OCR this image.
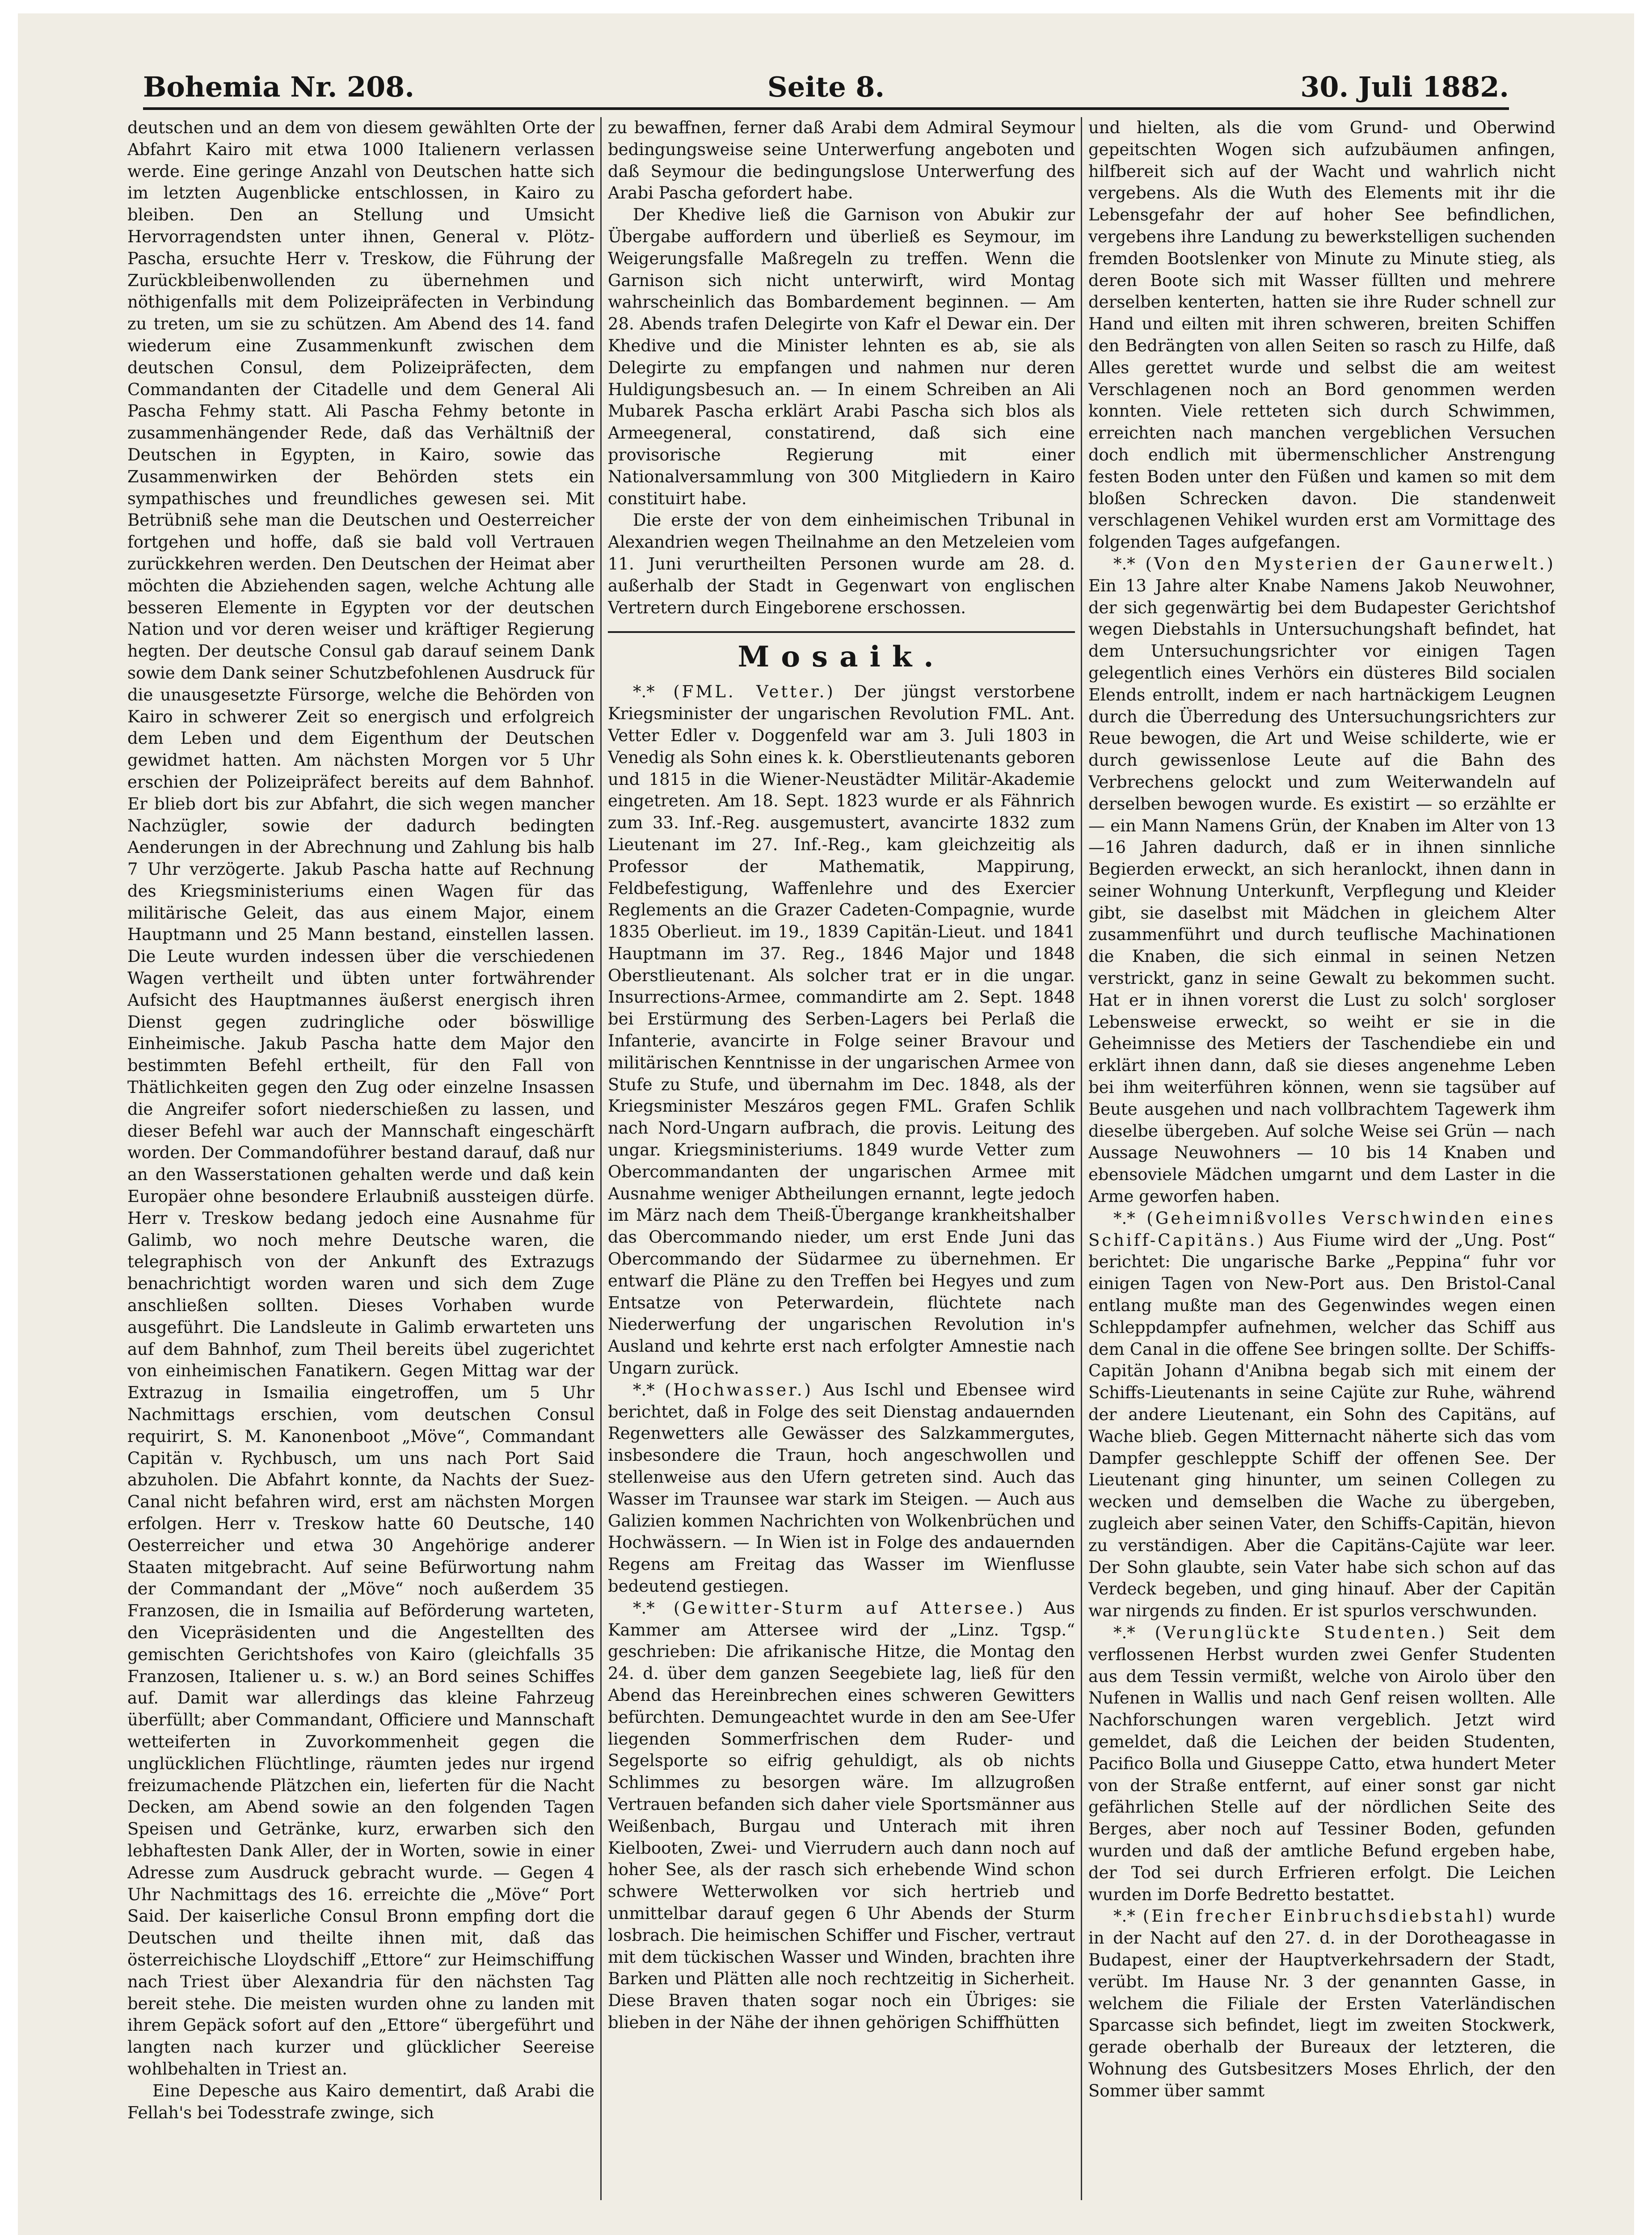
Bohemia Nr. 208.	Seite 8.	30. Juli 1882.

deutschen und an dem von diesem gewählten Orte der Abfahrt Kairo mit etwa 1000 Italienern verlassen werde. Eine geringe Anzahl von Deutschen hatte sich im letzten Augenblicke entschlossen, in Kairo zu bleiben. Den an Stellung und Umsicht Hervorragendsten unter ihnen, General v. Plötz-Pascha, ersuchte Herr v. Treskow, die Führung der Zurückbleibenwollenden zu übernehmen und nöthigenfalls mit dem Polizeipräfecten in Verbindung zu treten, um sie zu schützen. Am Abend des 14. fand wiederum eine Zusammenkunft zwischen dem deutschen Consul, dem Polizeipräfecten, dem Commandanten der Citadelle und dem General Ali Pascha Fehmy statt. Ali Pascha Fehmy betonte in zusammenhängender Rede, daß das Verhältniß der Deutschen in Egypten, in Kairo, sowie das Zusammenwirken der Behörden stets ein sympathisches und freundliches gewesen sei. Mit Betrübniß sehe man die Deutschen und Oesterreicher fortgehen und hoffe, daß sie bald voll Vertrauen zurückkehren werden. Den Deutschen der Heimat aber möchten die Abziehenden sagen, welche Achtung alle besseren Elemente in Egypten vor der deutschen Nation und vor deren weiser und kräftiger Regierung hegten. Der deutsche Consul gab darauf seinem Dank sowie dem Dank seiner Schutzbefohlenen Ausdruck für die unausgesetzte Fürsorge, welche die Behörden von Kairo in schwerer Zeit so energisch und erfolgreich dem Leben und dem Eigenthum der Deutschen gewidmet hatten. Am nächsten Morgen vor 5 Uhr erschien der Polizeipräfect bereits auf dem Bahnhof. Er blieb dort bis zur Abfahrt, die sich wegen mancher Nachzügler, sowie der dadurch bedingten Aenderungen in der Abrechnung und Zahlung bis halb 7 Uhr verzögerte. Jakub Pascha hatte auf Rechnung des Kriegsministeriums einen Wagen für das militärische Geleit, das aus einem Major, einem Hauptmann und 25 Mann bestand, einstellen lassen. Die Leute wurden indessen über die verschiedenen Wagen vertheilt und übten unter fortwährender Aufsicht des Hauptmannes äußerst energisch ihren Dienst gegen zudringliche oder böswillige Einheimische. Jakub Pascha hatte dem Major den bestimmten Befehl ertheilt, für den Fall von Thätlichkeiten gegen den Zug oder einzelne Insassen die Angreifer sofort niederschießen zu lassen, und dieser Befehl war auch der Mannschaft eingeschärft worden. Der Commandoführer bestand darauf, daß nur an den Wasserstationen gehalten werde und daß kein Europäer ohne besondere Erlaubniß aussteigen dürfe. Herr v. Treskow bedang jedoch eine Ausnahme für Galimb, wo noch mehre Deutsche waren, die telegraphisch von der Ankunft des Extrazugs benachrichtigt worden waren und sich dem Zuge anschließen sollten. Dieses Vorhaben wurde ausgeführt. Die Landsleute in Galimb erwarteten uns auf dem Bahnhof, zum Theil bereits übel zugerichtet von einheimischen Fanatikern. Gegen Mittag war der Extrazug in Ismailia eingetroffen, um 5 Uhr Nachmittags erschien, vom deutschen Consul requirirt, S. M. Kanonenboot „Möve“, Commandant Capitän v. Rychbusch, um uns nach Port Said abzuholen. Die Abfahrt konnte, da Nachts der Suez-Canal nicht befahren wird, erst am nächsten Morgen erfolgen. Herr v. Treskow hatte 60 Deutsche, 140 Oesterreicher und etwa 30 Angehörige anderer Staaten mitgebracht. Auf seine Befürwortung nahm der Commandant der „Möve“ noch außerdem 35 Franzosen, die in Ismailia auf Beförderung warteten, den Vicepräsidenten und die Angestellten des gemischten Gerichtshofes von Kairo (gleichfalls 35 Franzosen, Italiener u. s. w.) an Bord seines Schiffes auf. Damit war allerdings das kleine Fahrzeug überfüllt; aber Commandant, Officiere und Mannschaft wetteiferten in Zuvorkommenheit gegen die unglücklichen Flüchtlinge, räumten jedes nur irgend freizumachende Plätzchen ein, lieferten für die Nacht Decken, am Abend sowie an den folgenden Tagen Speisen und Getränke, kurz, erwarben sich den lebhaftesten Dank Aller, der in Worten, sowie in einer Adresse zum Ausdruck gebracht wurde. — Gegen 4 Uhr Nachmittags des 16. erreichte die „Möve“ Port Said. Der kaiserliche Consul Bronn empfing dort die Deutschen und theilte ihnen mit, daß das österreichische Lloydschiff „Ettore“ zur Heimschiffung nach Triest über Alexandria für den nächsten Tag bereit stehe. Die meisten wurden ohne zu landen mit ihrem Gepäck sofort auf den „Ettore“ übergeführt und langten nach kurzer und glücklicher Seereise wohlbehalten in Triest an.

Eine Depesche aus Kairo dementirt, daß Arabi die Fellah's bei Todesstrafe zwinge, sich

zu bewaffnen, ferner daß Arabi dem Admiral Seymour bedingungsweise seine Unterwerfung angeboten und daß Seymour die bedingungslose Unterwerfung des Arabi Pascha gefordert habe.

Der Khedive ließ die Garnison von Abukir zur Übergabe auffordern und überließ es Seymour, im Weigerungsfalle Maßregeln zu treffen. Wenn die Garnison sich nicht unterwirft, wird Montag wahrscheinlich das Bombardement beginnen. — Am 28. Abends trafen Delegirte von Kafr el Dewar ein. Der Khedive und die Minister lehnten es ab, sie als Delegirte zu empfangen und nahmen nur deren Huldigungsbesuch an. — In einem Schreiben an Ali Mubarek Pascha erklärt Arabi Pascha sich blos als Armeegeneral, constatirend, daß sich eine provisorische Regierung mit einer Nationalversammlung von 300 Mitgliedern in Kairo constituirt habe.

Die erste der von dem einheimischen Tribunal in Alexandrien wegen Theilnahme an den Metzeleien vom 11. Juni verurtheilten Personen wurde am 28. d. außerhalb der Stadt in Gegenwart von englischen Vertretern durch Eingeborene erschossen.

Mosaik.

*.* (FML. Vetter.) Der jüngst verstorbene Kriegsminister der ungarischen Revolution FML. Ant. Vetter Edler v. Doggenfeld war am 3. Juli 1803 in Venedig als Sohn eines k. k. Oberstlieutenants geboren und 1815 in die Wiener-Neustädter Militär-Akademie eingetreten. Am 18. Sept. 1823 wurde er als Fähnrich zum 33. Inf.-Reg. ausgemustert, avancirte 1832 zum Lieutenant im 27. Inf.-Reg., kam gleichzeitig als Professor der Mathematik, Mappirung, Feldbefestigung, Waffenlehre und des Exercier Reglements an die Grazer Cadeten-Compagnie, wurde 1835 Oberlieut. im 19., 1839 Capitän-Lieut. und 1841 Hauptmann im 37. Reg., 1846 Major und 1848 Oberstlieutenant. Als solcher trat er in die ungar. Insurrections-Armee, commandirte am 2. Sept. 1848 bei Erstürmung des Serben-Lagers bei Perlaß die Infanterie, avancirte in Folge seiner Bravour und militärischen Kenntnisse in der ungarischen Armee von Stufe zu Stufe, und übernahm im Dec. 1848, als der Kriegsminister Meszáros gegen FML. Grafen Schlik nach Nord-Ungarn aufbrach, die provis. Leitung des ungar. Kriegsministeriums. 1849 wurde Vetter zum Obercommandanten der ungarischen Armee mit Ausnahme weniger Abtheilungen ernannt, legte jedoch im März nach dem Theiß-Übergange krankheitshalber das Obercommando nieder, um erst Ende Juni das Obercommando der Südarmee zu übernehmen. Er entwarf die Pläne zu den Treffen bei Hegyes und zum Entsatze von Peterwardein, flüchtete nach Niederwerfung der ungarischen Revolution in's Ausland und kehrte erst nach erfolgter Amnestie nach Ungarn zurück.

*.* (Hochwasser.) Aus Ischl und Ebensee wird berichtet, daß in Folge des seit Dienstag andauernden Regenwetters alle Gewässer des Salzkammergutes, insbesondere die Traun, hoch angeschwollen und stellenweise aus den Ufern getreten sind. Auch das Wasser im Traunsee war stark im Steigen. — Auch aus Galizien kommen Nachrichten von Wolkenbrüchen und Hochwässern. — In Wien ist in Folge des andauernden Regens am Freitag das Wasser im Wienflusse bedeutend gestiegen.

*.* (Gewitter-Sturm auf Attersee.) Aus Kammer am Attersee wird der „Linz. Tgsp.“ geschrieben: Die afrikanische Hitze, die Montag den 24. d. über dem ganzen Seegebiete lag, ließ für den Abend das Hereinbrechen eines schweren Gewitters befürchten. Demungeachtet wurde in den am See-Ufer liegenden Sommerfrischen dem Ruder- und Segelsporte so eifrig gehuldigt, als ob nichts Schlimmes zu besorgen wäre. Im allzugroßen Vertrauen befanden sich daher viele Sportsmänner aus Weißenbach, Burgau und Unterach mit ihren Kielbooten, Zwei- und Vierrudern auch dann noch auf hoher See, als der rasch sich erhebende Wind schon schwere Wetterwolken vor sich hertrieb und unmittelbar darauf gegen 6 Uhr Abends der Sturm losbrach. Die heimischen Schiffer und Fischer, vertraut mit dem tückischen Wasser und Winden, brachten ihre Barken und Plätten alle noch rechtzeitig in Sicherheit. Diese Braven thaten sogar noch ein Übriges: sie blieben in der Nähe der ihnen gehörigen Schiffhütten

und hielten, als die vom Grund- und Oberwind gepeitschten Wogen sich aufzubäumen anfingen, hilfbereit sich auf der Wacht und wahrlich nicht vergebens. Als die Wuth des Elements mit ihr die Lebensgefahr der auf hoher See befindlichen, vergebens ihre Landung zu bewerkstelligen suchenden fremden Bootslenker von Minute zu Minute stieg, als deren Boote sich mit Wasser füllten und mehrere derselben kenterten, hatten sie ihre Ruder schnell zur Hand und eilten mit ihren schweren, breiten Schiffen den Bedrängten von allen Seiten so rasch zu Hilfe, daß Alles gerettet wurde und selbst die am weitest Verschlagenen noch an Bord genommen werden konnten. Viele retteten sich durch Schwimmen, erreichten nach manchen vergeblichen Versuchen doch endlich mit übermenschlicher Anstrengung festen Boden unter den Füßen und kamen so mit dem bloßen Schrecken davon. Die standenweit verschlagenen Vehikel wurden erst am Vormittage des folgenden Tages aufgefangen.

*.* (Von den Mysterien der Gaunerwelt.) Ein 13 Jahre alter Knabe Namens Jakob Neuwohner, der sich gegenwärtig bei dem Budapester Gerichtshof wegen Diebstahls in Untersuchungshaft befindet, hat dem Untersuchungsrichter vor einigen Tagen gelegentlich eines Verhörs ein düsteres Bild socialen Elends entrollt, indem er nach hartnäckigem Leugnen durch die Überredung des Untersuchungsrichters zur Reue bewogen, die Art und Weise schilderte, wie er durch gewissenlose Leute auf die Bahn des Verbrechens gelockt und zum Weiterwandeln auf derselben bewogen wurde. Es existirt — so erzählte er — ein Mann Namens Grün, der Knaben im Alter von 13—16 Jahren dadurch, daß er in ihnen sinnliche Begierden erweckt, an sich heranlockt, ihnen dann in seiner Wohnung Unterkunft, Verpflegung und Kleider gibt, sie daselbst mit Mädchen in gleichem Alter zusammenführt und durch teuflische Machinationen die Knaben, die sich einmal in seinen Netzen verstrickt, ganz in seine Gewalt zu bekommen sucht. Hat er in ihnen vorerst die Lust zu solch' sorgloser Lebensweise erweckt, so weiht er sie in die Geheimnisse des Metiers der Taschendiebe ein und erklärt ihnen dann, daß sie dieses angenehme Leben bei ihm weiterführen können, wenn sie tagsüber auf Beute ausgehen und nach vollbrachtem Tagewerk ihm dieselbe übergeben. Auf solche Weise sei Grün — nach Aussage Neuwohners — 10 bis 14 Knaben und ebensoviele Mädchen umgarnt und dem Laster in die Arme geworfen haben.

*.* (Geheimnißvolles Verschwinden eines Schiff-Capitäns.) Aus Fiume wird der „Ung. Post“ berichtet: Die ungarische Barke „Peppina“ fuhr vor einigen Tagen von New-Port aus. Den Bristol-Canal entlang mußte man des Gegenwindes wegen einen Schleppdampfer aufnehmen, welcher das Schiff aus dem Canal in die offene See bringen sollte. Der Schiffs-Capitän Johann d'Anibna begab sich mit einem der Schiffs-Lieutenants in seine Cajüte zur Ruhe, während der andere Lieutenant, ein Sohn des Capitäns, auf Wache blieb. Gegen Mitternacht näherte sich das vom Dampfer geschleppte Schiff der offenen See. Der Lieutenant ging hinunter, um seinen Collegen zu wecken und demselben die Wache zu übergeben, zugleich aber seinen Vater, den Schiffs-Capitän, hievon zu verständigen. Aber die Capitäns-Cajüte war leer. Der Sohn glaubte, sein Vater habe sich schon auf das Verdeck begeben, und ging hinauf. Aber der Capitän war nirgends zu finden. Er ist spurlos verschwunden.

*.* (Verunglückte Studenten.) Seit dem verflossenen Herbst wurden zwei Genfer Studenten aus dem Tessin vermißt, welche von Airolo über den Nufenen in Wallis und nach Genf reisen wollten. Alle Nachforschungen waren vergeblich. Jetzt wird gemeldet, daß die Leichen der beiden Studenten, Pacifico Bolla und Giuseppe Catto, etwa hundert Meter von der Straße entfernt, auf einer sonst gar nicht gefährlichen Stelle auf der nördlichen Seite des Berges, aber noch auf Tessiner Boden, gefunden wurden und daß der amtliche Befund ergeben habe, der Tod sei durch Erfrieren erfolgt. Die Leichen wurden im Dorfe Bedretto bestattet.

*.* (Ein frecher Einbruchsdiebstahl) wurde in der Nacht auf den 27. d. in der Dorotheagasse in Budapest, einer der Hauptverkehrsadern der Stadt, verübt. Im Hause Nr. 3 der genannten Gasse, in welchem die Filiale der Ersten Vaterländischen Sparcasse sich befindet, liegt im zweiten Stockwerk, gerade oberhalb der Bureaux der letzteren, die Wohnung des Gutsbesitzers Moses Ehrlich, der den Sommer über sammt
